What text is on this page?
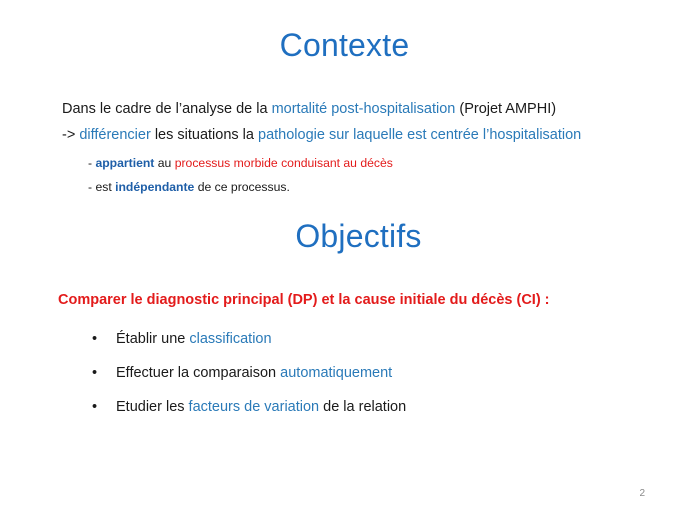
Contexte
Dans le cadre de l’analyse de la mortalité post-hospitalisation (Projet AMPHI)
-> différencier les situations la pathologie sur laquelle est centrée l’hospitalisation
- appartient au processus morbide conduisant au décès
- est indépendante de ce processus.
Objectifs
Comparer le diagnostic principal (DP) et la cause initiale du décès (CI) :
• Établir une classification
• Effectuer la comparaison automatiquement
• Etudier les facteurs de variation de la relation
2
